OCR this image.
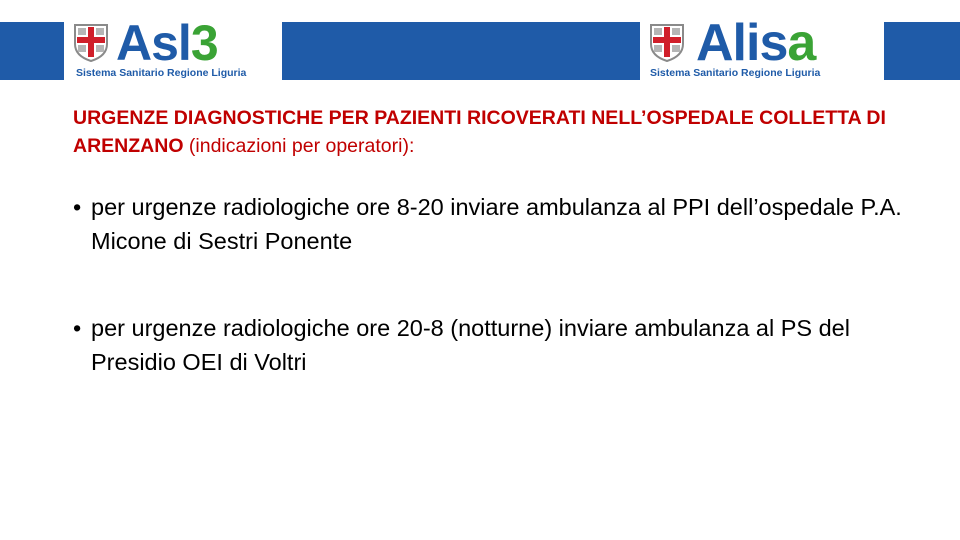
Asl3
Sistema Sanitario Regione Liguria
Alisa
Sistema Sanitario Regione Liguria
URGENZE DIAGNOSTICHE PER PAZIENTI RICOVERATI NELL’OSPEDALE COLLETTA DI ARENZANO (indicazioni per operatori):
• per urgenze radiologiche ore 8-20 inviare ambulanza al PPI dell’ospedale P.A. Micone di Sestri Ponente
• per urgenze radiologiche ore 20-8 (notturne) inviare ambulanza al PS del Presidio OEI di Voltri
